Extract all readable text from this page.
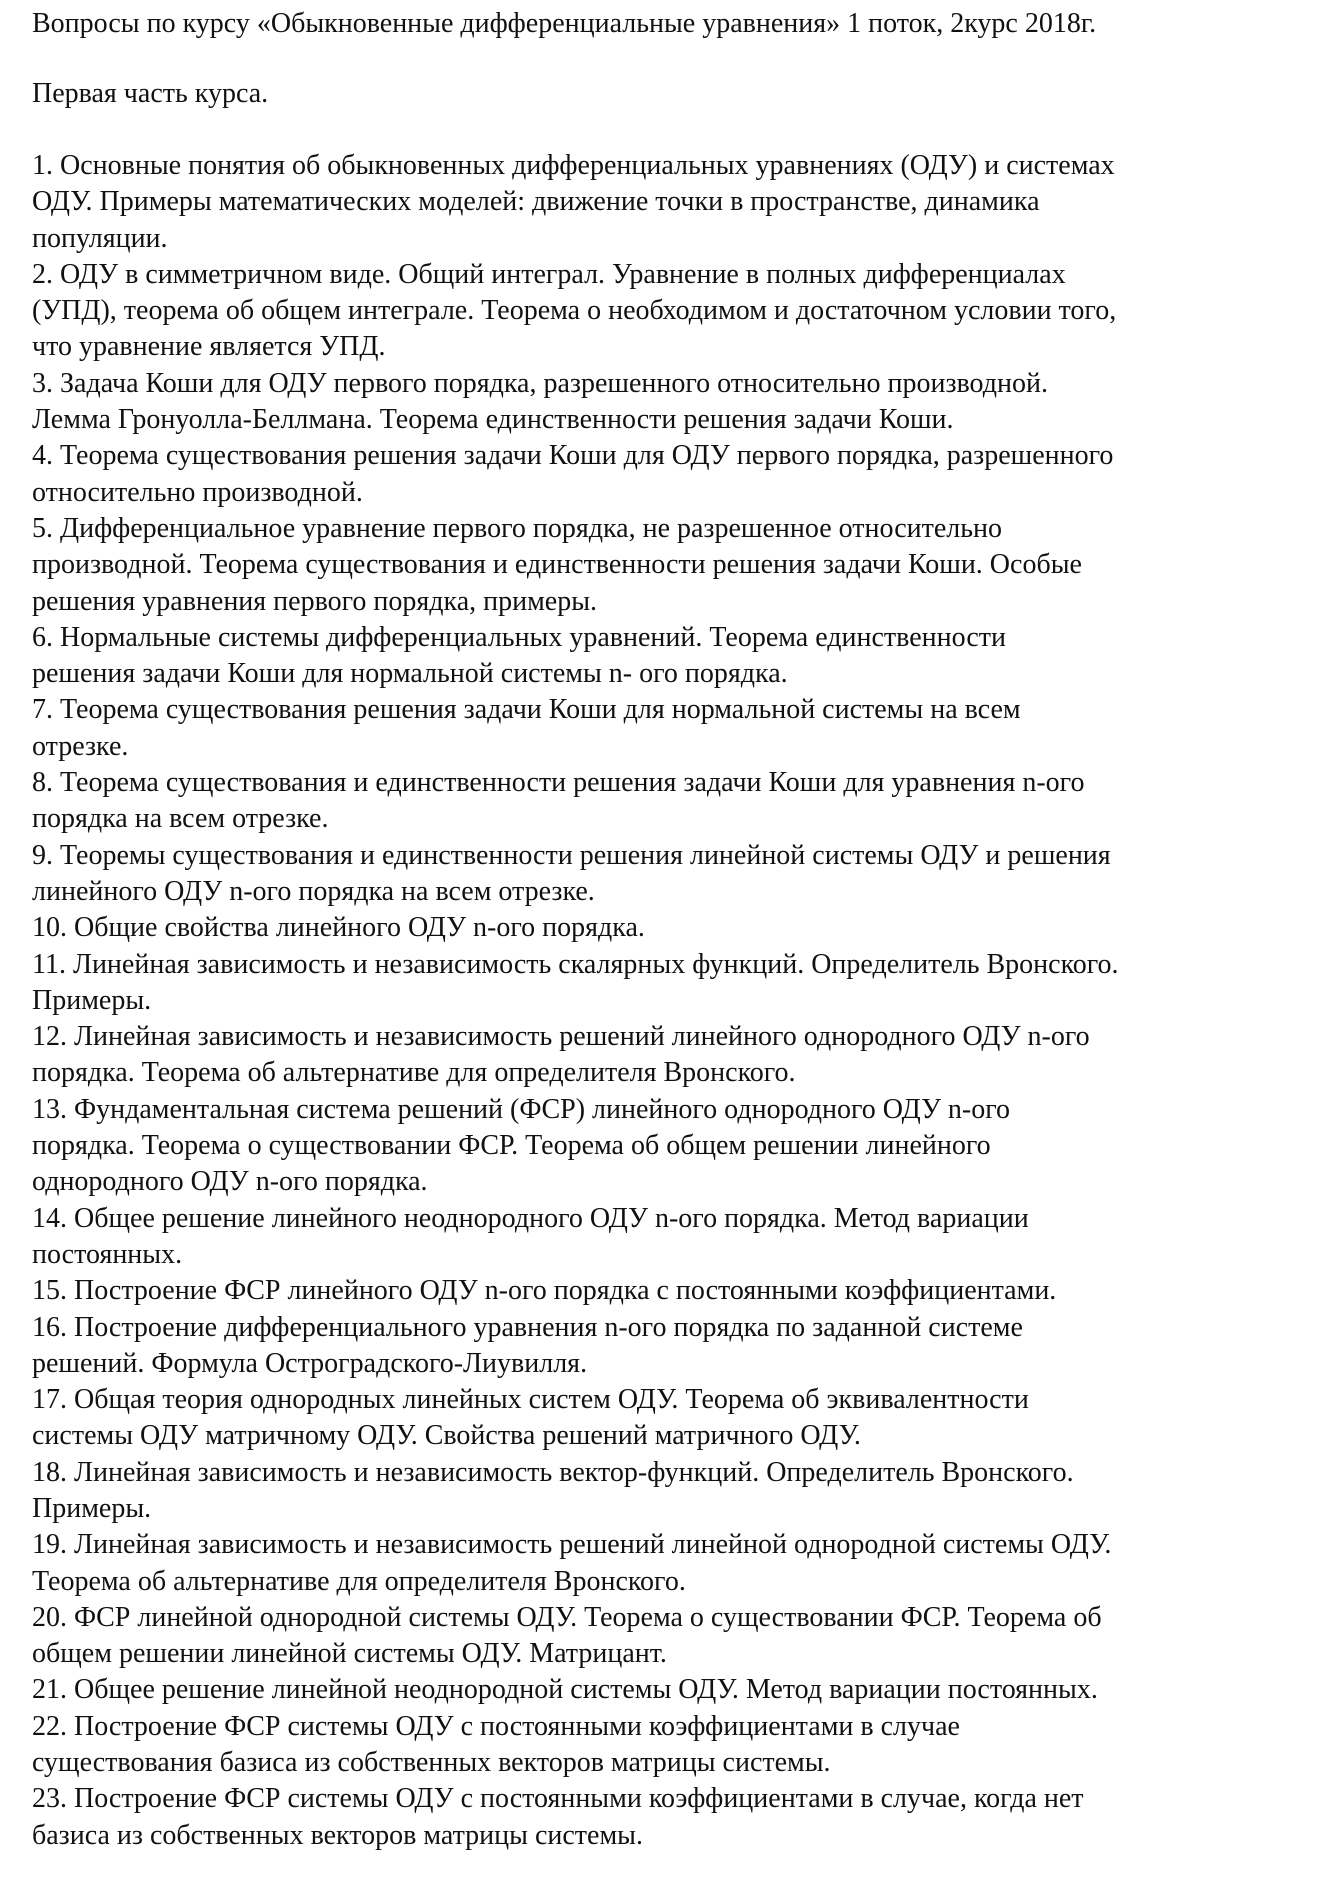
Вопросы по курсу «Обыкновенные дифференциальные уравнения» 1 поток, 2курс 2018г.
Первая часть курса.
1. Основные понятия об обыкновенных дифференциальных уравнениях (ОДУ) и системах
ОДУ. Примеры математических моделей: движение точки в пространстве, динамика
популяции.
2. ОДУ в симметричном виде. Общий интеграл. Уравнение в полных дифференциалах
(УПД), теорема об общем интеграле. Теорема о необходимом и достаточном условии того,
что уравнение является УПД.
3. Задача Коши для ОДУ первого порядка, разрешенного относительно производной.
Лемма Гронуолла-Беллмана. Теорема единственности решения задачи Коши.
4. Теорема существования решения задачи Коши для ОДУ первого порядка, разрешенного
относительно производной.
5. Дифференциальное уравнение первого порядка, не разрешенное относительно
производной. Теорема существования и единственности решения задачи Коши. Особые
решения уравнения первого порядка, примеры.
6. Нормальные системы дифференциальных уравнений. Теорема единственности
решения задачи Коши для нормальной системы n- ого порядка.
7. Теорема существования решения задачи Коши для нормальной системы на всем
отрезке.
8. Теорема существования и единственности решения задачи Коши для уравнения n-ого
порядка на всем отрезке.
9. Теоремы существования и единственности решения линейной системы ОДУ и решения
линейного ОДУ n-ого порядка на всем отрезке.
10. Общие свойства линейного ОДУ n-ого порядка.
11. Линейная зависимость и независимость скалярных функций. Определитель Вронского.
Примеры.
12. Линейная зависимость и независимость решений линейного однородного ОДУ n-ого
порядка. Теорема об альтернативе для определителя Вронского.
13. Фундаментальная система решений (ФСР) линейного однородного ОДУ n-ого
порядка. Теорема о существовании ФСР. Теорема об общем решении линейного
однородного ОДУ n-ого порядка.
14. Общее решение линейного неоднородного ОДУ n-ого порядка. Метод вариации
постоянных.
15. Построение ФСР линейного ОДУ n-ого порядка с постоянными коэффициентами.
16. Построение дифференциального уравнения n-ого порядка по заданной системе
решений. Формула Остроградского-Лиувилля.
17. Общая теория однородных линейных систем ОДУ. Теорема об эквивалентности
системы ОДУ матричному ОДУ. Свойства решений матричного ОДУ.
18. Линейная зависимость и независимость вектор-функций. Определитель Вронского.
Примеры.
19. Линейная зависимость и независимость решений линейной однородной системы ОДУ.
Теорема об альтернативе для определителя Вронского.
20. ФСР линейной однородной системы ОДУ. Теорема о существовании ФСР. Теорема об
общем решении линейной системы ОДУ. Матрицант.
21. Общее решение линейной неоднородной системы ОДУ. Метод вариации постоянных.
22. Построение ФСР системы ОДУ с постоянными коэффициентами в случае
существования базиса из собственных векторов матрицы системы.
23. Построение ФСР системы ОДУ с постоянными коэффициентами в случае, когда нет
базиса из собственных векторов матрицы системы.
